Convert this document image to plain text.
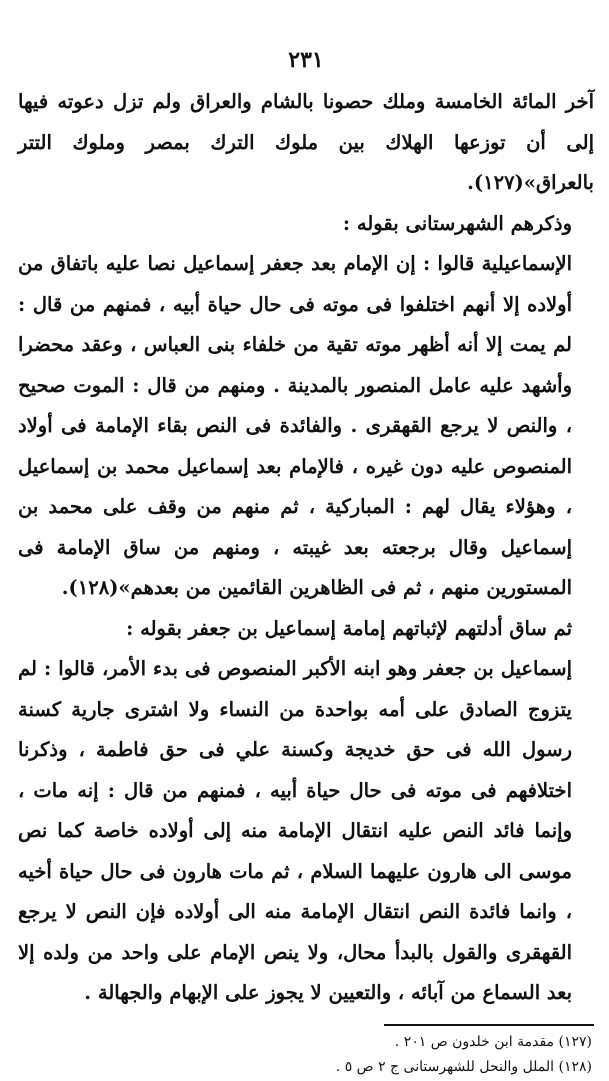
٢٣١

آخر المائة الخامسة وملك حصونا بالشام والعراق ولم تزل دعوته فيها إلى أن توزعها الهلاك بين ملوك الترك بمصر وملوك التتر بالعراق»(١٢٧).

وذكرهم الشهرستانى بقوله :

الإسماعيلية قالوا : إن الإمام بعد جعفر إسماعيل نصا عليه باتفاق من أولاده إلا أنهم اختلفوا فى موته فى حال حياة أبيه ، فمنهم من قال : لم يمت إلا أنه أظهر موته تقية من خلفاء بنى العباس ، وعقد محضرا وأشهد عليه عامل المنصور بالمدينة . ومنهم من قال : الموت صحيح ، والنص لا يرجع القهقرى . والفائدة فى النص بقاء الإمامة فى أولاد المنصوص عليه دون غيره ، فالإمام بعد إسماعيل محمد بن إسماعيل ، وهؤلاء يقال لهم : المباركية ، ثم منهم من وقف على محمد بن إسماعيل وقال برجعته بعد غيبته ، ومنهم من ساق الإمامة فى المستورين منهم ، ثم فى الظاهرين القائمين من بعدهم»(١٢٨).

ثم ساق أدلتهم لإثباتهم إمامة إسماعيل بن جعفر بقوله :

إسماعيل بن جعفر وهو ابنه الأكبر المنصوص فى بدء الأمر، قالوا : لم يتزوج الصادق على أمه بواحدة من النساء ولا اشترى جارية كسنة رسول الله فى حق خديجة وكسنة علي فى حق فاطمة ، وذكرنا اختلافهم فى موته فى حال حياة أبيه ، فمنهم من قال : إنه مات ، وإنما فائد النص عليه انتقال الإمامة منه إلى أولاده خاصة كما نص موسى الى هارون عليهما السلام ، ثم مات هارون فى حال حياة أخيه ، وانما فائدة النص انتقال الإمامة منه الى أولاده فإن النص لا يرجع القهقرى والقول بالبدأ محال، ولا ينص الإمام على واحد من ولده إلا بعد السماع من آبائه ، والتعيين لا يجوز على الإبهام والجهالة .

(١٢٧) مقدمة ابن خلدون ص ٢٠١ .
(١٢٨) الملل والنحل للشهرستانى ج ٢ ص ٥ .
